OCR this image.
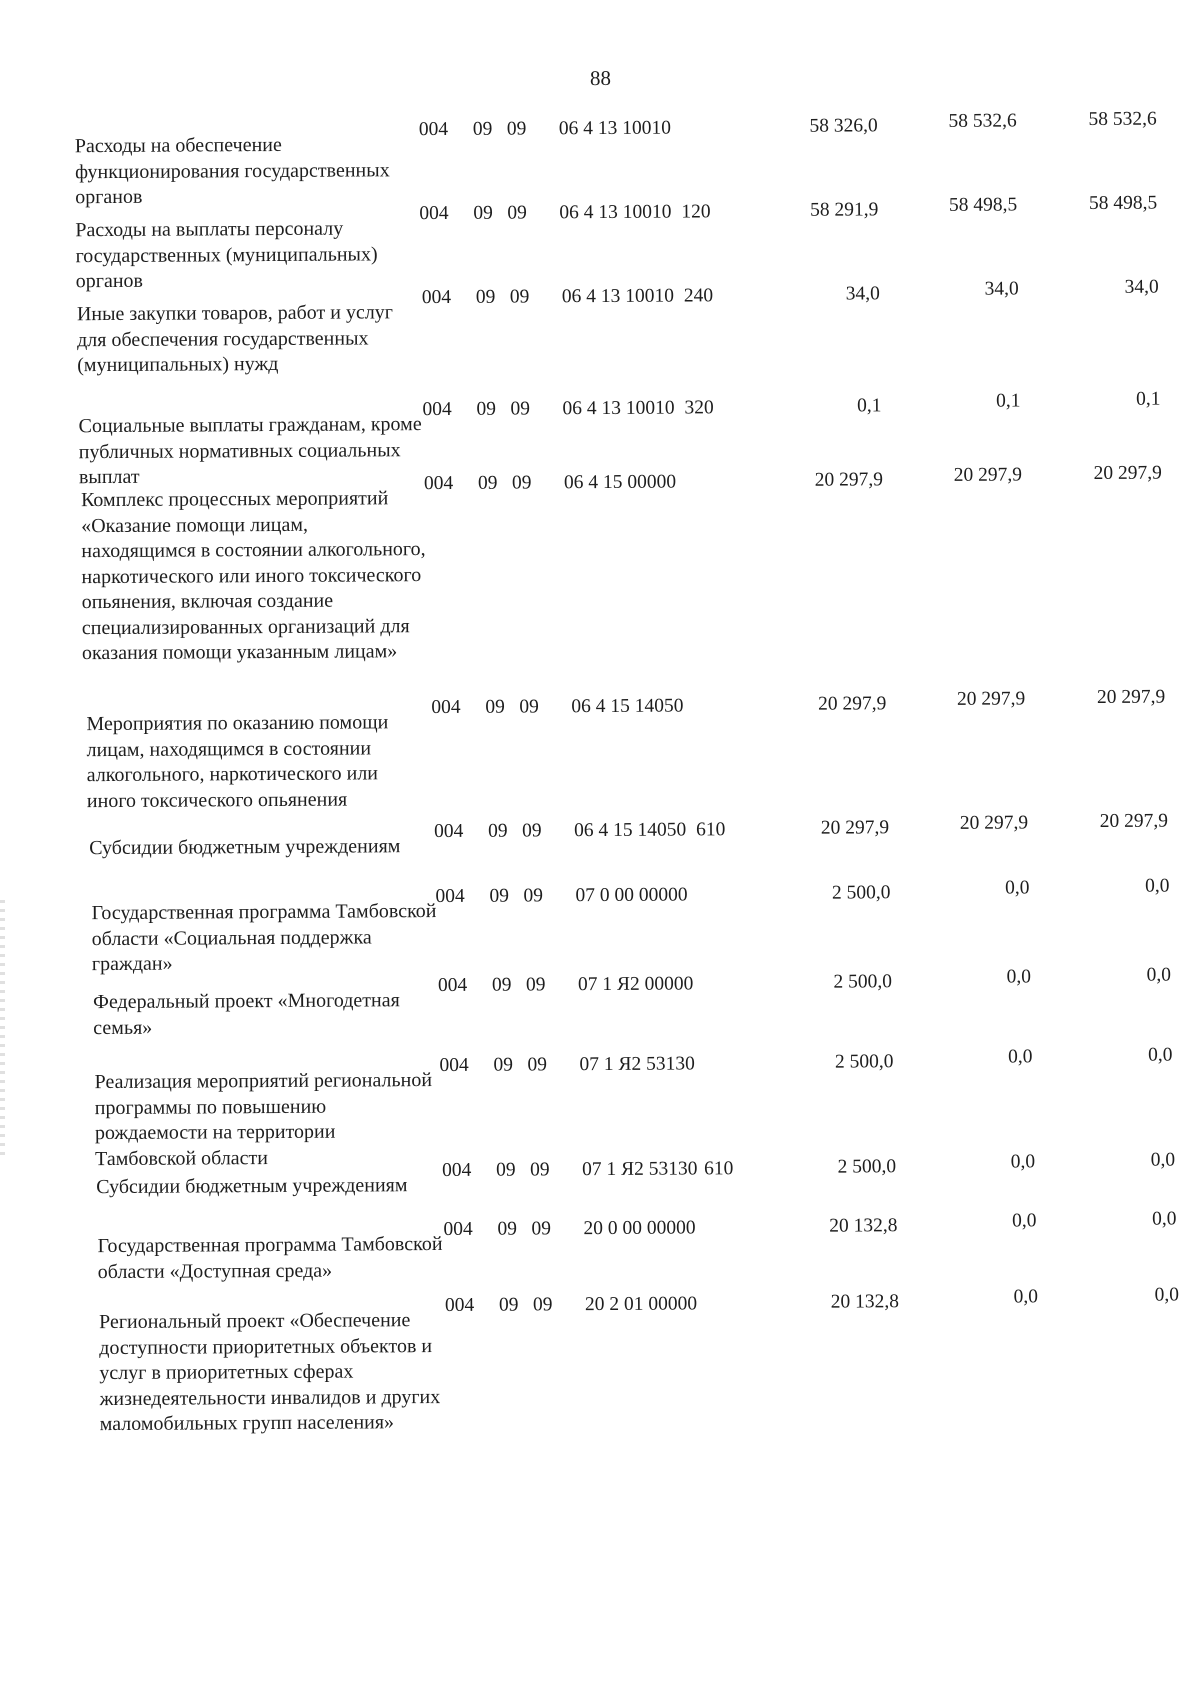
88
Расходы на обеспечение функционирования государственных органов
004 09 09 06 4 13 10010	58 326,0	58 532,6	58 532,6
Расходы на выплаты персоналу государственных (муниципальных) органов
004 09 09 06 4 13 10010 120	58 291,9	58 498,5	58 498,5
Иные закупки товаров, работ и услуг для обеспечения государственных (муниципальных) нужд
004 09 09 06 4 13 10010 240	34,0	34,0	34,0
Социальные выплаты гражданам, кроме публичных нормативных социальных выплат
004 09 09 06 4 13 10010 320	0,1	0,1	0,1
Комплекс процессных мероприятий «Оказание помощи лицам, находящимся в состоянии алкогольного, наркотического или иного токсического опьянения, включая создание специализированных организаций для оказания помощи указанным лицам»
004 09 09 06 4 15 00000	20 297,9	20 297,9	20 297,9
Мероприятия по оказанию помощи лицам, находящимся в состоянии алкогольного, наркотического или иного токсического опьянения
004 09 09 06 4 15 14050	20 297,9	20 297,9	20 297,9
Субсидии бюджетным учреждениям
004 09 09 06 4 15 14050 610	20 297,9	20 297,9	20 297,9
Государственная программа Тамбовской области «Социальная поддержка граждан»
004 09 09 07 0 00 00000	2 500,0	0,0	0,0
Федеральный проект «Многодетная семья»
004 09 09 07 1 Я2 00000	2 500,0	0,0	0,0
Реализация мероприятий региональной программы по повышению рождаемости на территории Тамбовской области
004 09 09 07 1 Я2 53130	2 500,0	0,0	0,0
Субсидии бюджетным учреждениям
004 09 09 07 1 Я2 53130 610	2 500,0	0,0	0,0
Государственная программа Тамбовской области «Доступная среда»
004 09 09 20 0 00 00000	20 132,8	0,0	0,0
Региональный проект «Обеспечение доступности приоритетных объектов и услуг в приоритетных сферах жизнедеятельности инвалидов и других маломобильных групп населения»
004 09 09 20 2 01 00000	20 132,8	0,0	0,0
